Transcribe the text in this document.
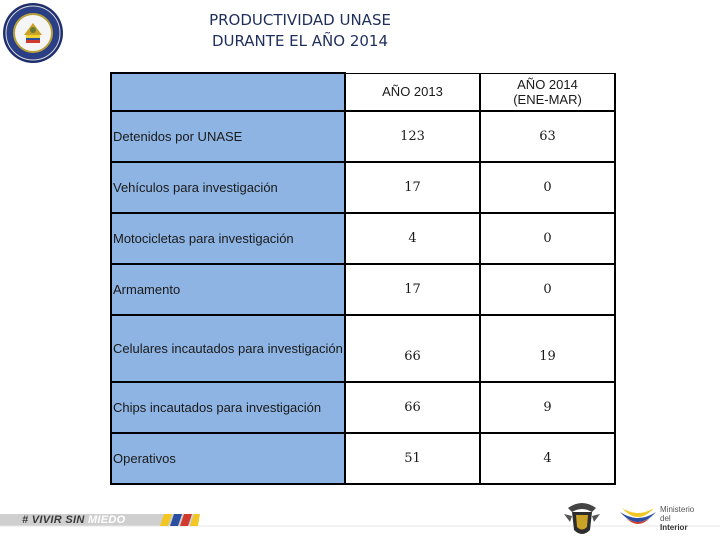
PRODUCTIVIDAD UNASE
DURANTE EL AÑO 2014
	AÑO 2013	AÑO 2014
(ENE-MAR)

Detenidos por UNASE	123	63
Vehículos para investigación	17	0
Motocicletas para investigación	4	0
Armamento	17	0
Celulares incautados para investigación	66	19
Chips incautados para investigación	66	9
Operativos	51	4
# VIVIR SIN MIEDO
Ministerio
del
Interior
